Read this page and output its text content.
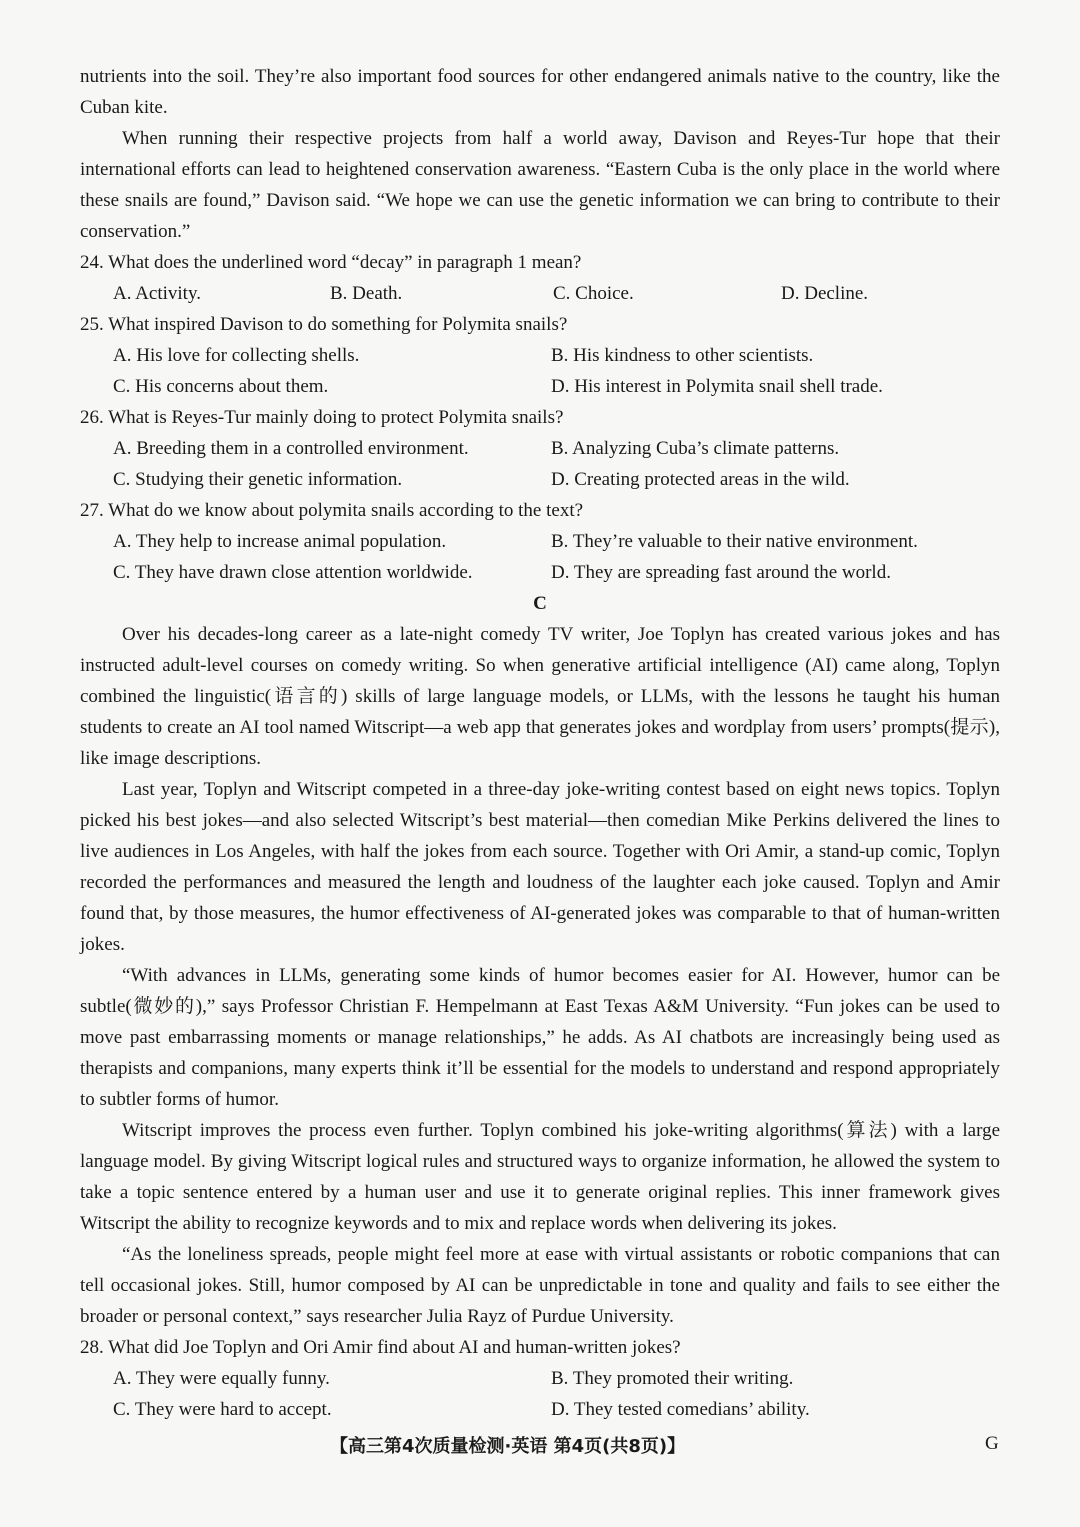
nutrients into the soil. They’re also important food sources for other endangered animals native to the country, like the Cuban kite.

When running their respective projects from half a world away, Davison and Reyes-Tur hope that their international efforts can lead to heightened conservation awareness. “Eastern Cuba is the only place in the world where these snails are found,” Davison said. “We hope we can use the genetic information we can bring to contribute to their conservation.”

24. What does the underlined word “decay” in paragraph 1 mean?

A. Activity.	B. Death.	C. Choice.	D. Decline.

25. What inspired Davison to do something for Polymita snails?

A. His love for collecting shells.	B. His kindness to other scientists.
C. His concerns about them.	D. His interest in Polymita snail shell trade.

26. What is Reyes-Tur mainly doing to protect Polymita snails?

A. Breeding them in a controlled environment.	B. Analyzing Cuba’s climate patterns.
C. Studying their genetic information.	D. Creating protected areas in the wild.

27. What do we know about polymita snails according to the text?

A. They help to increase animal population.	B. They’re valuable to their native environment.
C. They have drawn close attention worldwide.	D. They are spreading fast around the world.

C

Over his decades-long career as a late-night comedy TV writer, Joe Toplyn has created various jokes and has instructed adult-level courses on comedy writing. So when generative artificial intelligence (AI) came along, Toplyn combined the linguistic(语言的) skills of large language models, or LLMs, with the lessons he taught his human students to create an AI tool named Witscript—a web app that generates jokes and wordplay from users’ prompts(提示), like image descriptions.

Last year, Toplyn and Witscript competed in a three-day joke-writing contest based on eight news topics. Toplyn picked his best jokes—and also selected Witscript’s best material—then comedian Mike Perkins delivered the lines to live audiences in Los Angeles, with half the jokes from each source. Together with Ori Amir, a stand-up comic, Toplyn recorded the performances and measured the length and loudness of the laughter each joke caused. Toplyn and Amir found that, by those measures, the humor effectiveness of AI-generated jokes was comparable to that of human-written jokes.

“With advances in LLMs, generating some kinds of humor becomes easier for AI. However, humor can be subtle(微妙的),” says Professor Christian F. Hempelmann at East Texas A&M University. “Fun jokes can be used to move past embarrassing moments or manage relationships,” he adds. As AI chatbots are increasingly being used as therapists and companions, many experts think it’ll be essential for the models to understand and respond appropriately to subtler forms of humor.

Witscript improves the process even further. Toplyn combined his joke-writing algorithms(算法) with a large language model. By giving Witscript logical rules and structured ways to organize information, he allowed the system to take a topic sentence entered by a human user and use it to generate original replies. This inner framework gives Witscript the ability to recognize keywords and to mix and replace words when delivering its jokes.

“As the loneliness spreads, people might feel more at ease with virtual assistants or robotic companions that can tell occasional jokes. Still, humor composed by AI can be unpredictable in tone and quality and fails to see either the broader or personal context,” says researcher Julia Rayz of Purdue University.

28. What did Joe Toplyn and Ori Amir find about AI and human-written jokes?

A. They were equally funny.	B. They promoted their writing.
C. They were hard to accept.	D. They tested comedians’ ability.
【高三第4次质量检测·英语 第4页(共8页)】	G
